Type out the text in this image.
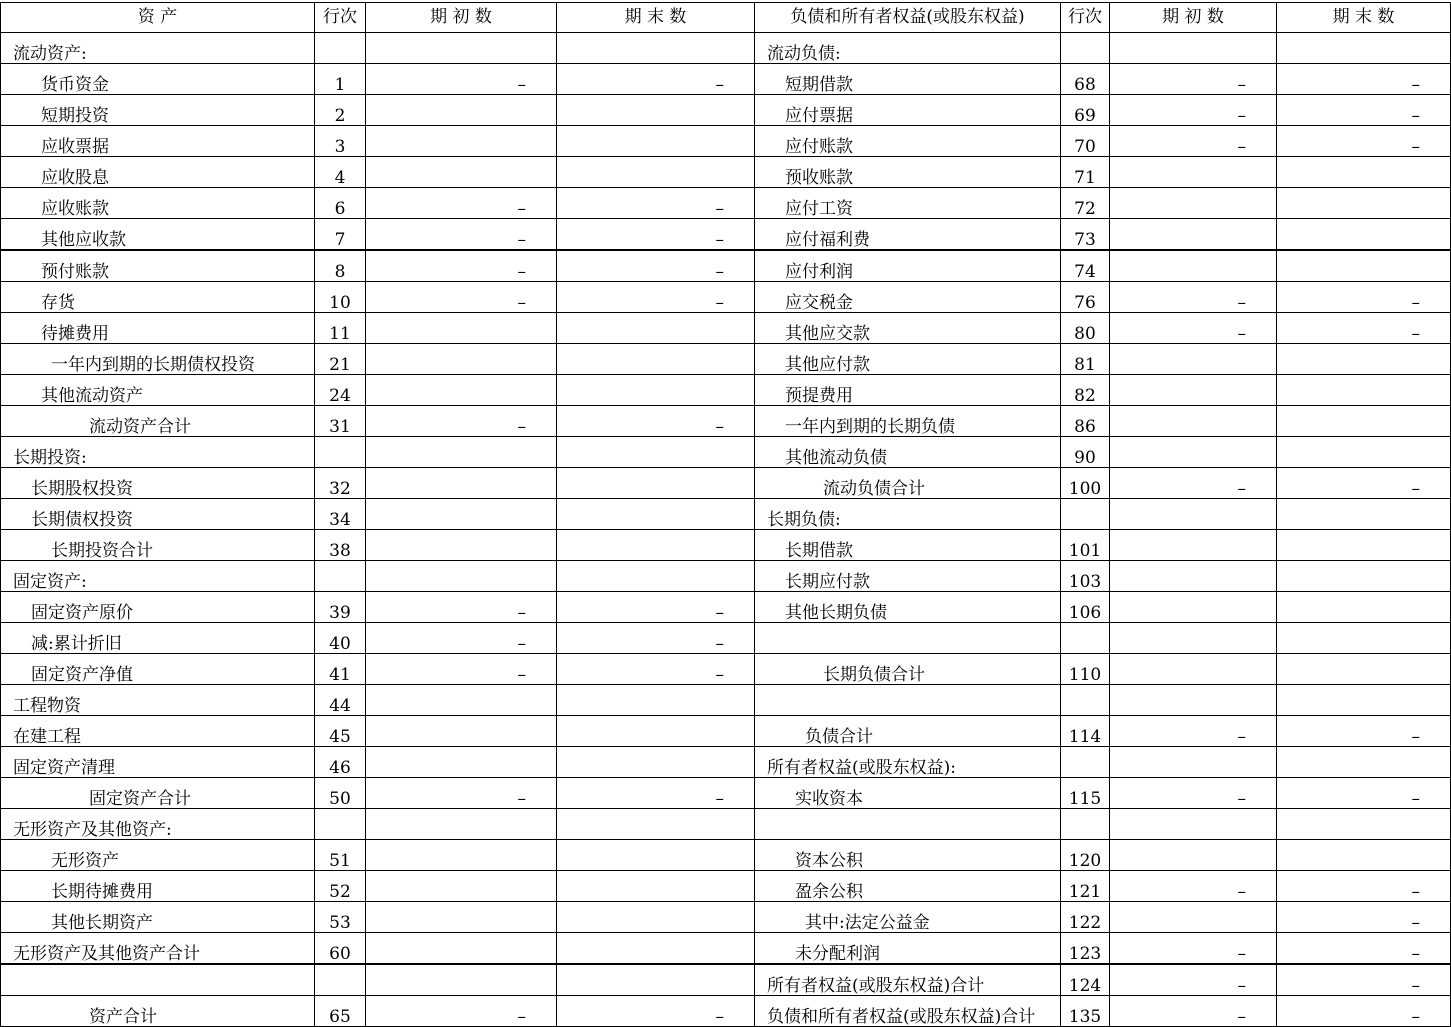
资 产	行次	期 初 数	期 末 数	负债和所有者权益(或股东权益)	行次	期 初 数	期 末 数
流动资产:				流动负债:			
货币资金	1	–	–	短期借款	68	–	–
短期投资	2			应付票据	69	–	–
应收票据	3			应付账款	70	–	–
应收股息	4			预收账款	71		
应收账款	6	–	–	应付工资	72		
其他应收款	7	–	–	应付福利费	73		
预付账款	8	–	–	应付利润	74		
存货	10	–	–	应交税金	76	–	–
待摊费用	11			其他应交款	80	–	–
一年内到期的长期债权投资	21			其他应付款	81		
其他流动资产	24			预提费用	82		
流动资产合计	31	–	–	一年内到期的长期负债	86		
长期投资:				其他流动负债	90		
长期股权投资	32			流动负债合计	100	–	–
长期债权投资	34			长期负债:			
长期投资合计	38			长期借款	101		
固定资产:				长期应付款	103		
固定资产原价	39	–	–	其他长期负债	106		
减:累计折旧	40	–	–				
固定资产净值	41	–	–	长期负债合计	110		
工程物资	44						
在建工程	45			负债合计	114	–	–
固定资产清理	46			所有者权益(或股东权益):			
固定资产合计	50	–	–	实收资本	115	–	–
无形资产及其他资产:							
无形资产	51			资本公积	120		
长期待摊费用	52			盈余公积	121	–	–
其他长期资产	53			其中:法定公益金	122		–
无形资产及其他资产合计	60			未分配利润	123	–	–
				所有者权益(或股东权益)合计	124	–	–
资产合计	65	–	–	负债和所有者权益(或股东权益)合计	135	–	–
